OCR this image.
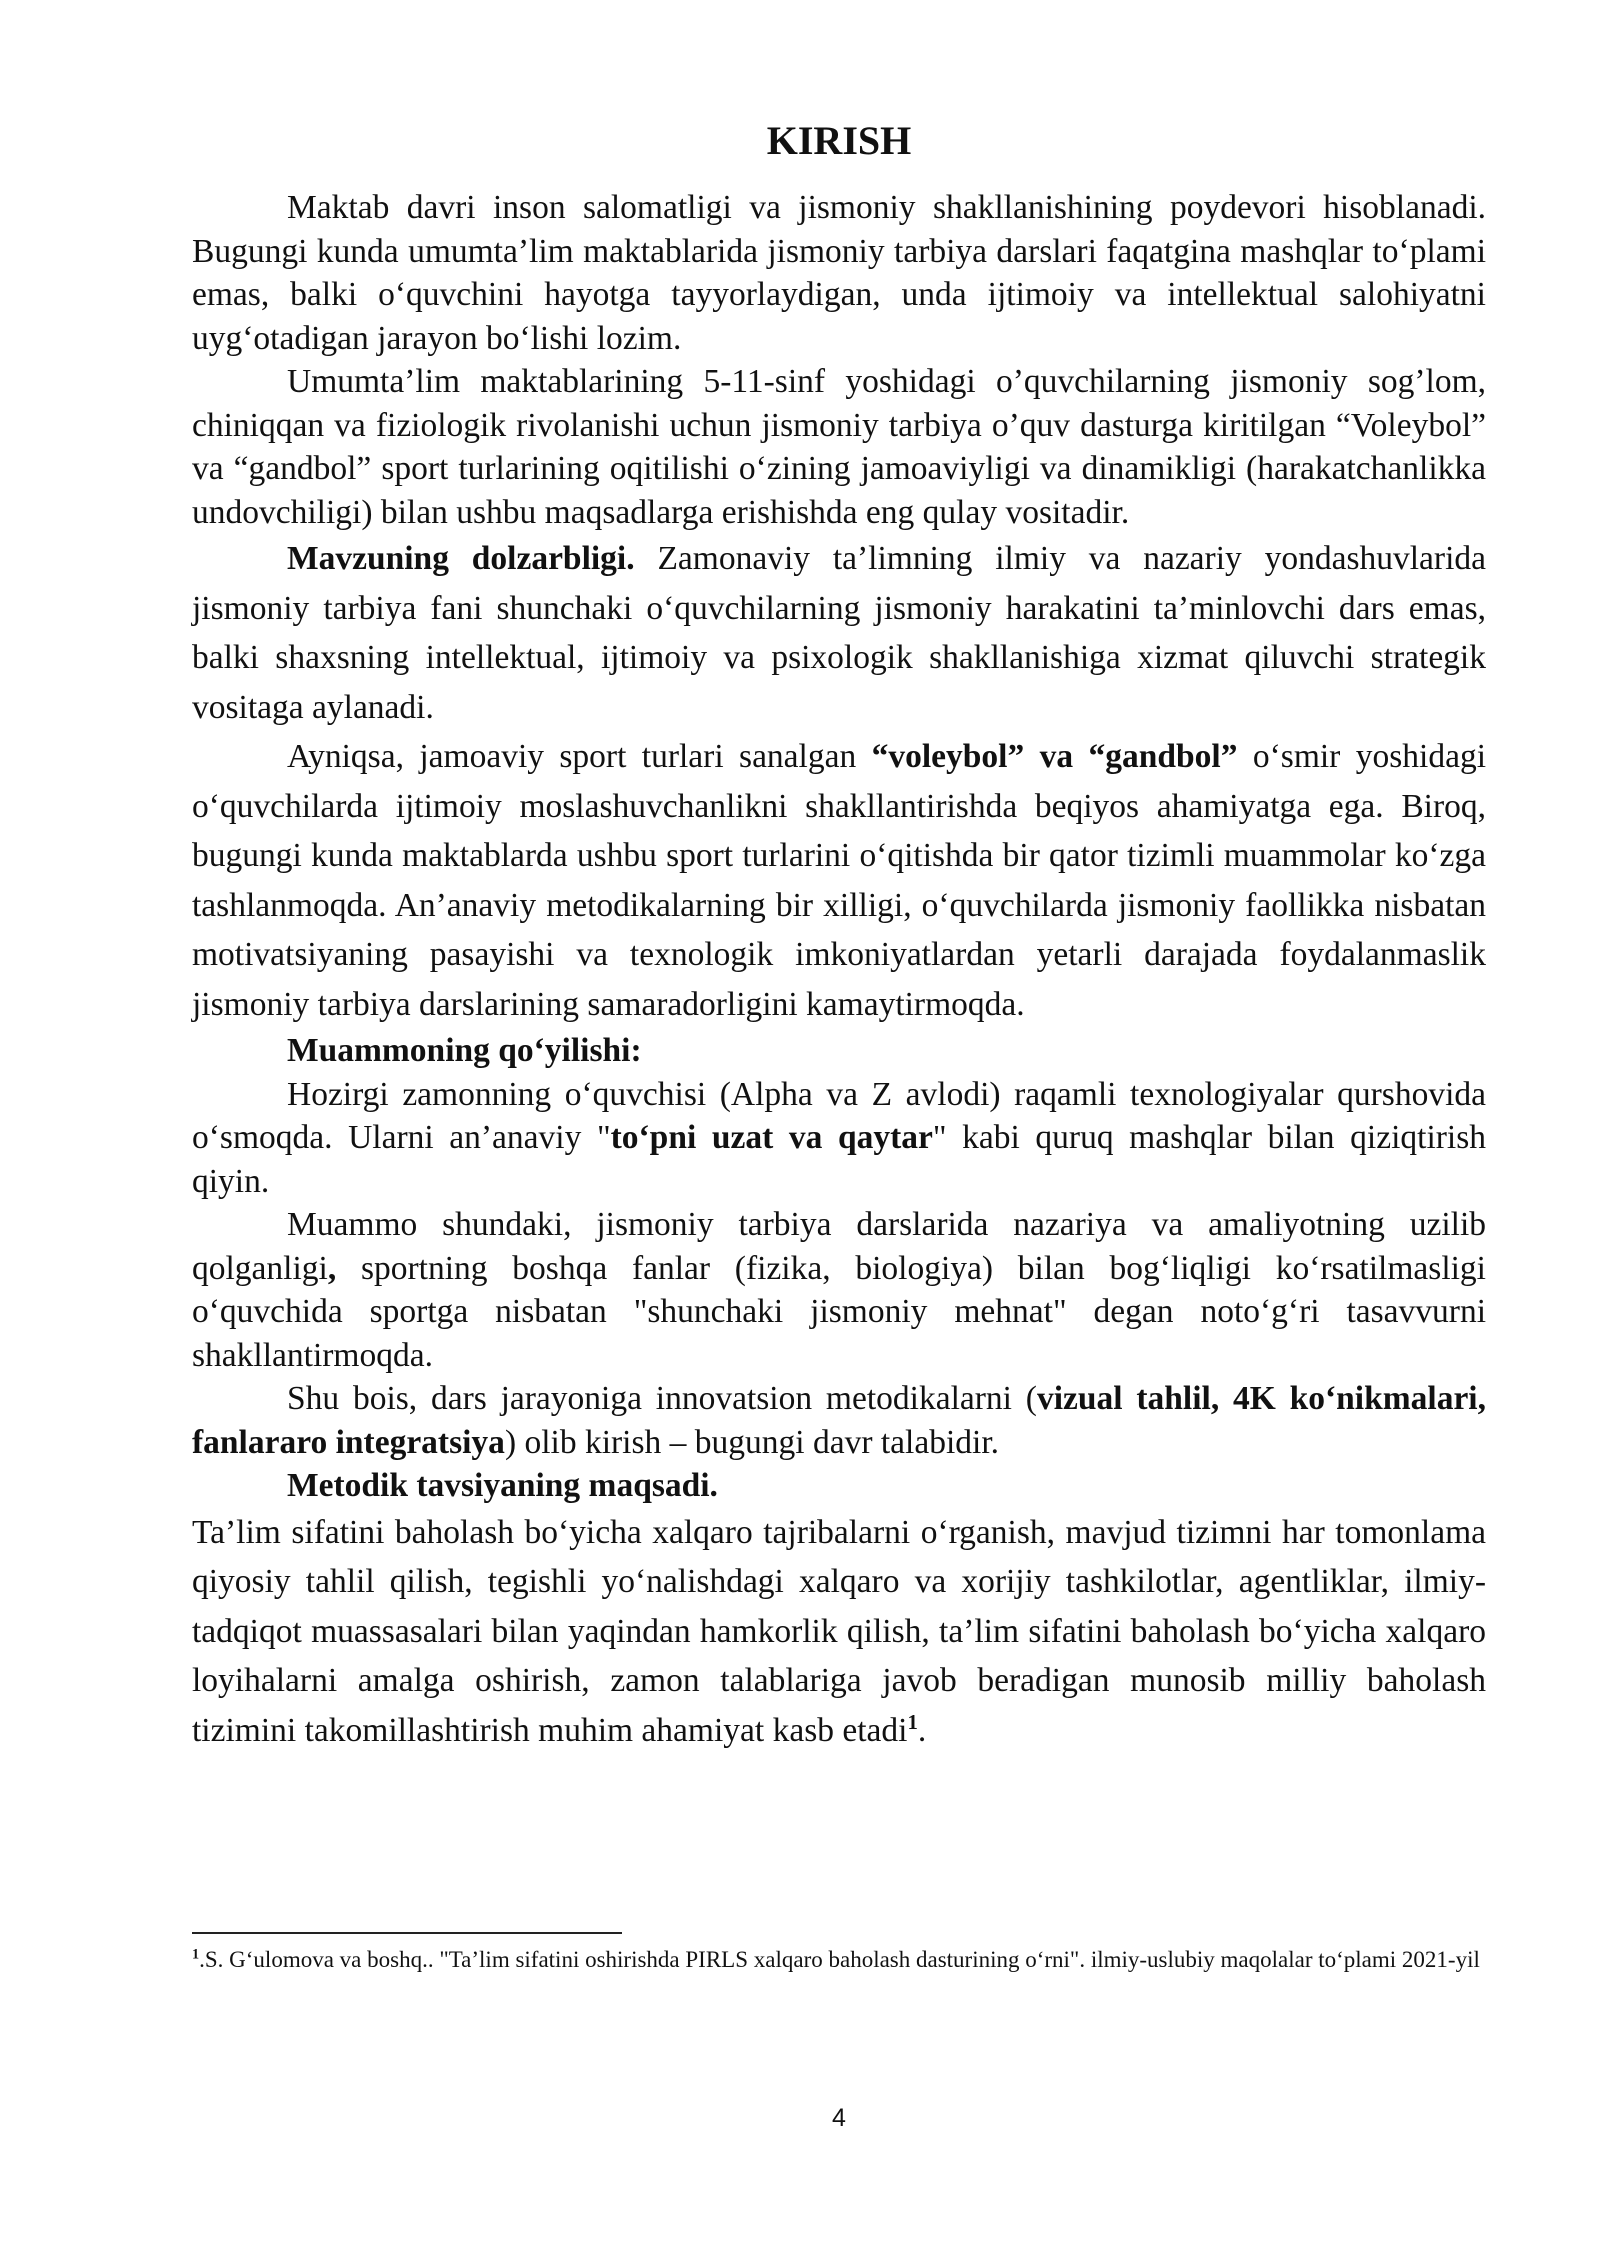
KIRISH

Maktab davri inson salomatligi va jismoniy shakllanishining poydevori hisoblanadi. Bugungi kunda umumta’lim maktablarida jismoniy tarbiya darslari faqatgina mashqlar to‘plami emas, balki o‘quvchini hayotga tayyorlaydigan, unda ijtimoiy va intellektual salohiyatni uyg‘otadigan jarayon bo‘lishi lozim.

Umumta’lim maktablarining 5-11-sinf yoshidagi o’quvchilarning jismoniy sog’lom, chiniqqan va fiziologik rivolanishi uchun jismoniy tarbiya o’quv dasturga kiritilgan “Voleybol” va “gandbol” sport turlarining oqitilishi o‘zining jamoaviyligi va dinamikligi (harakatchanlikka undovchiligi) bilan ushbu maqsadlarga erishishda eng qulay vositadir.

Mavzuning dolzarbligi. Zamonaviy ta’limning ilmiy va nazariy yondashuvlarida jismoniy tarbiya fani shunchaki o‘quvchilarning jismoniy harakatini ta’minlovchi dars emas, balki shaxsning intellektual, ijtimoiy va psixologik shakllanishiga xizmat qiluvchi strategik vositaga aylanadi.

Ayniqsa, jamoaviy sport turlari sanalgan “voleybol” va “gandbol” o‘smir yoshidagi o‘quvchilarda ijtimoiy moslashuvchanlikni shakllantirishda beqiyos ahamiyatga ega. Biroq, bugungi kunda maktablarda ushbu sport turlarini o‘qitishda bir qator tizimli muammolar ko‘zga tashlanmoqda. An’anaviy metodikalarning bir xilligi, o‘quvchilarda jismoniy faollikka nisbatan motivatsiyaning pasayishi va texnologik imkoniyatlardan yetarli darajada foydalanmaslik jismoniy tarbiya darslarining samaradorligini kamaytirmoqda.

Muammoning qo‘yilishi:

Hozirgi zamonning o‘quvchisi (Alpha va Z avlodi) raqamli texnologiyalar qurshovida o‘smoqda. Ularni an’anaviy "to‘pni uzat va qaytar" kabi quruq mashqlar bilan qiziqtirish qiyin.

Muammo shundaki, jismoniy tarbiya darslarida nazariya va amaliyotning uzilib qolganligi, sportning boshqa fanlar (fizika, biologiya) bilan bog‘liqligi ko‘rsatilmasligi o‘quvchida sportga nisbatan "shunchaki jismoniy mehnat" degan noto‘g‘ri tasavvurni shakllantirmoqda.

Shu bois, dars jarayoniga innovatsion metodikalarni (vizual tahlil, 4K ko‘nikmalari, fanlararo integratsiya) olib kirish – bugungi davr talabidir.

Metodik tavsiyaning maqsadi.

Ta’lim sifatini baholash bo‘yicha xalqaro tajribalarni o‘rganish, mavjud tizimni har tomonlama qiyosiy tahlil qilish, tegishli yo‘nalishdagi xalqaro va xorijiy tashkilotlar, agentliklar, ilmiy-tadqiqot muassasalari bilan yaqindan hamkorlik qilish, ta’lim sifatini baholash bo‘yicha xalqaro loyihalarni amalga oshirish, zamon talablariga javob beradigan munosib milliy baholash tizimini takomillashtirish muhim ahamiyat kasb etadi$^1$.

$^1$.S. G‘ulomova va boshq.. "Ta’lim sifatini oshirishda PIRLS xalqaro baholash dasturining o‘rni". ilmiy-uslubiy maqolalar to‘plami 2021-yil
4
